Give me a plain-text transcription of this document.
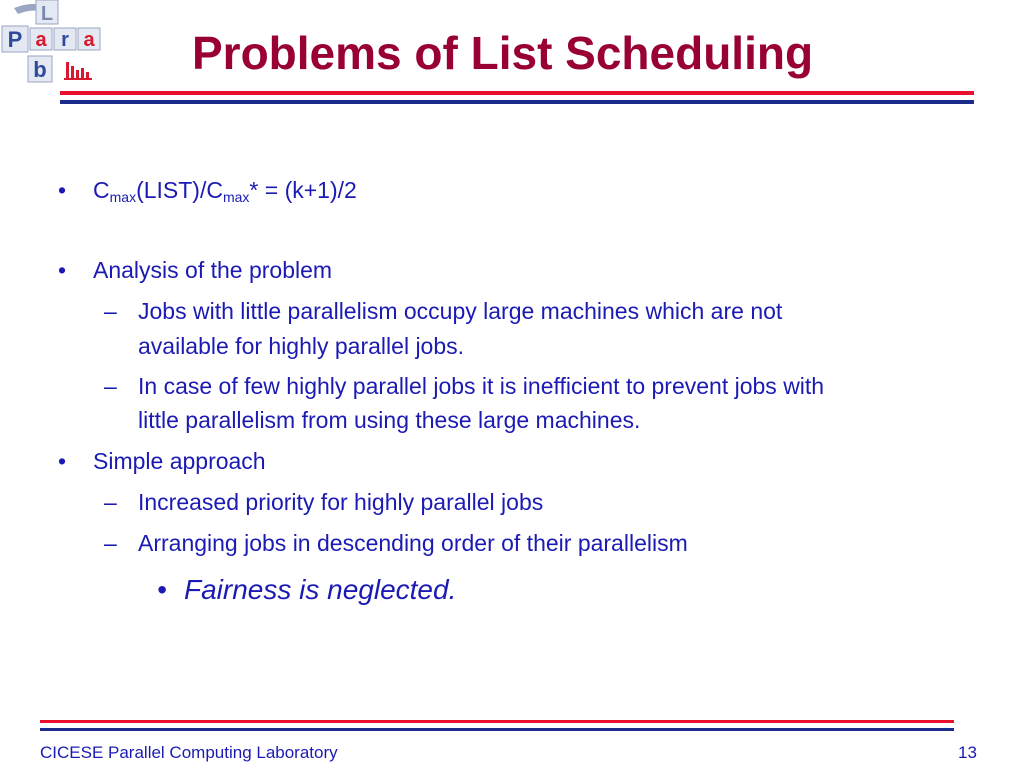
L
P a r a
b	Problems of List Scheduling
• $C_{max}(LIST)/C_{max}* = (k+1)/2$
• Analysis of the problem
– Jobs with little parallelism occupy large machines which are not
available for highly parallel jobs.
– In case of few highly parallel jobs it is inefficient to prevent jobs with
little parallelism from using these large machines.
• Simple approach
– Increased priority for highly parallel jobs
– Arranging jobs in descending order of their parallelism
• Fairness is neglected.
CICESE Parallel Computing Laboratory	13
